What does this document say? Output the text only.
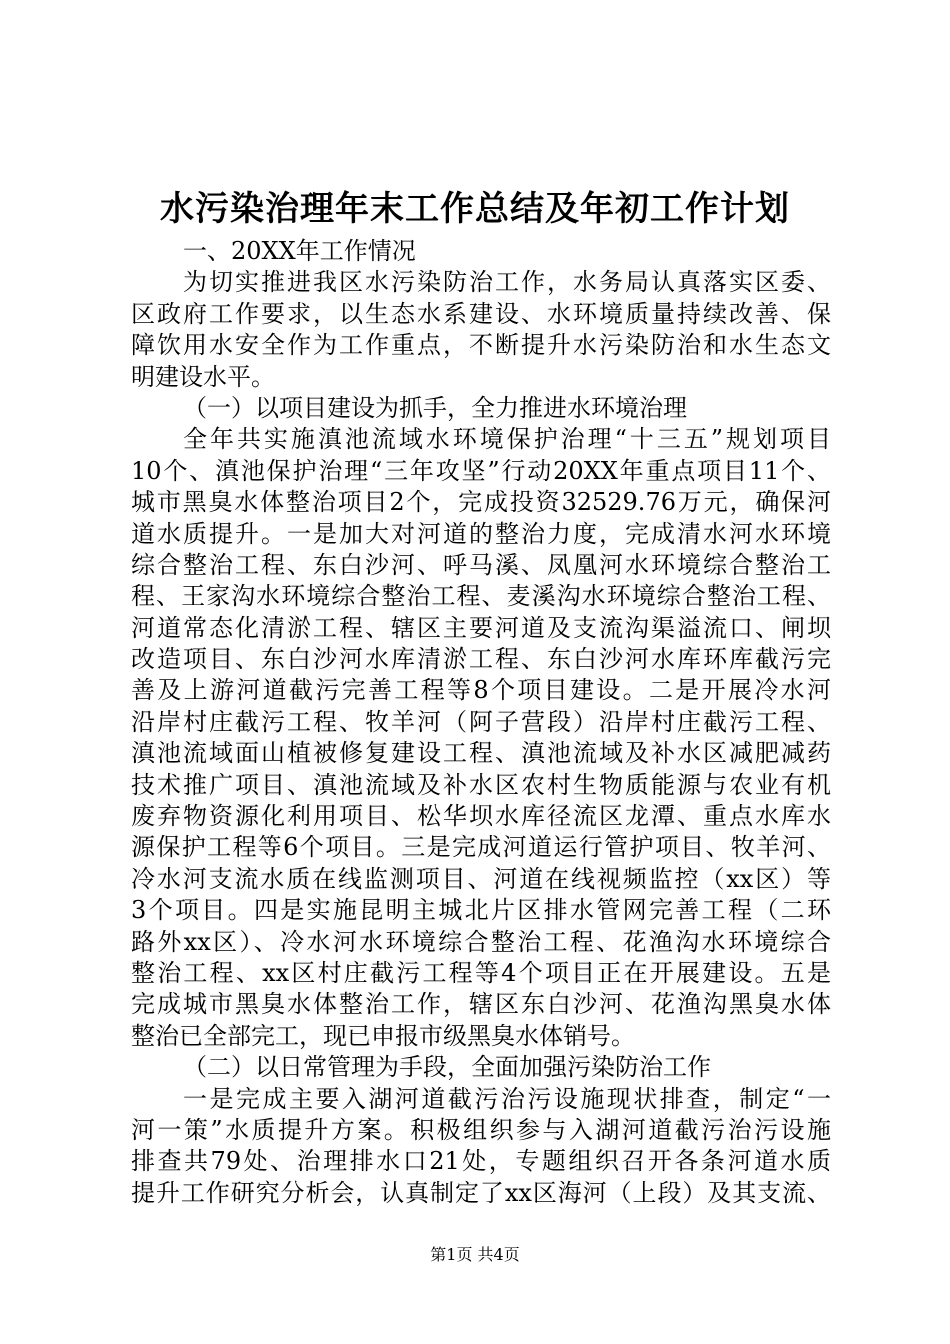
水污染治理年末工作总结及年初工作计划
一、20XX年工作情况
为切实推进我区水污染防治工作，水务局认真落实区委、
区政府工作要求，以生态水系建设、水环境质量持续改善、保
障饮用水安全作为工作重点，不断提升水污染防治和水生态文
明建设水平。
（一）以项目建设为抓手，全力推进水环境治理
全年共实施滇池流域水环境保护治理“十三五”规划项目
10个、滇池保护治理“三年攻坚”行动20XX年重点项目11个、
城市黑臭水体整治项目2个，完成投资32529.76万元，确保河
道水质提升。一是加大对河道的整治力度，完成清水河水环境
综合整治工程、东白沙河、呼马溪、凤凰河水环境综合整治工
程、王家沟水环境综合整治工程、麦溪沟水环境综合整治工程、
河道常态化清淤工程、辖区主要河道及支流沟渠溢流口、闸坝
改造项目、东白沙河水库清淤工程、东白沙河水库环库截污完
善及上游河道截污完善工程等8个项目建设。二是开展冷水河
沿岸村庄截污工程、牧羊河（阿子营段）沿岸村庄截污工程、
滇池流域面山植被修复建设工程、滇池流域及补水区减肥减药
技术推广项目、滇池流域及补水区农村生物质能源与农业有机
废弃物资源化利用项目、松华坝水库径流区龙潭、重点水库水
源保护工程等6个项目。三是完成河道运行管护项目、牧羊河、
冷水河支流水质在线监测项目、河道在线视频监控（xx区）等
3个项目。四是实施昆明主城北片区排水管网完善工程（二环
路外xx区）、冷水河水环境综合整治工程、花渔沟水环境综合
整治工程、xx区村庄截污工程等4个项目正在开展建设。五是
完成城市黑臭水体整治工作，辖区东白沙河、花渔沟黑臭水体
整治已全部完工，现已申报市级黑臭水体销号。
（二）以日常管理为手段，全面加强污染防治工作
一是完成主要入湖河道截污治污设施现状排查，制定“一
河一策”水质提升方案。积极组织参与入湖河道截污治污设施
排查共79处、治理排水口21处，专题组织召开各条河道水质
提升工作研究分析会，认真制定了xx区海河（上段）及其支流、
第1页 共4页
